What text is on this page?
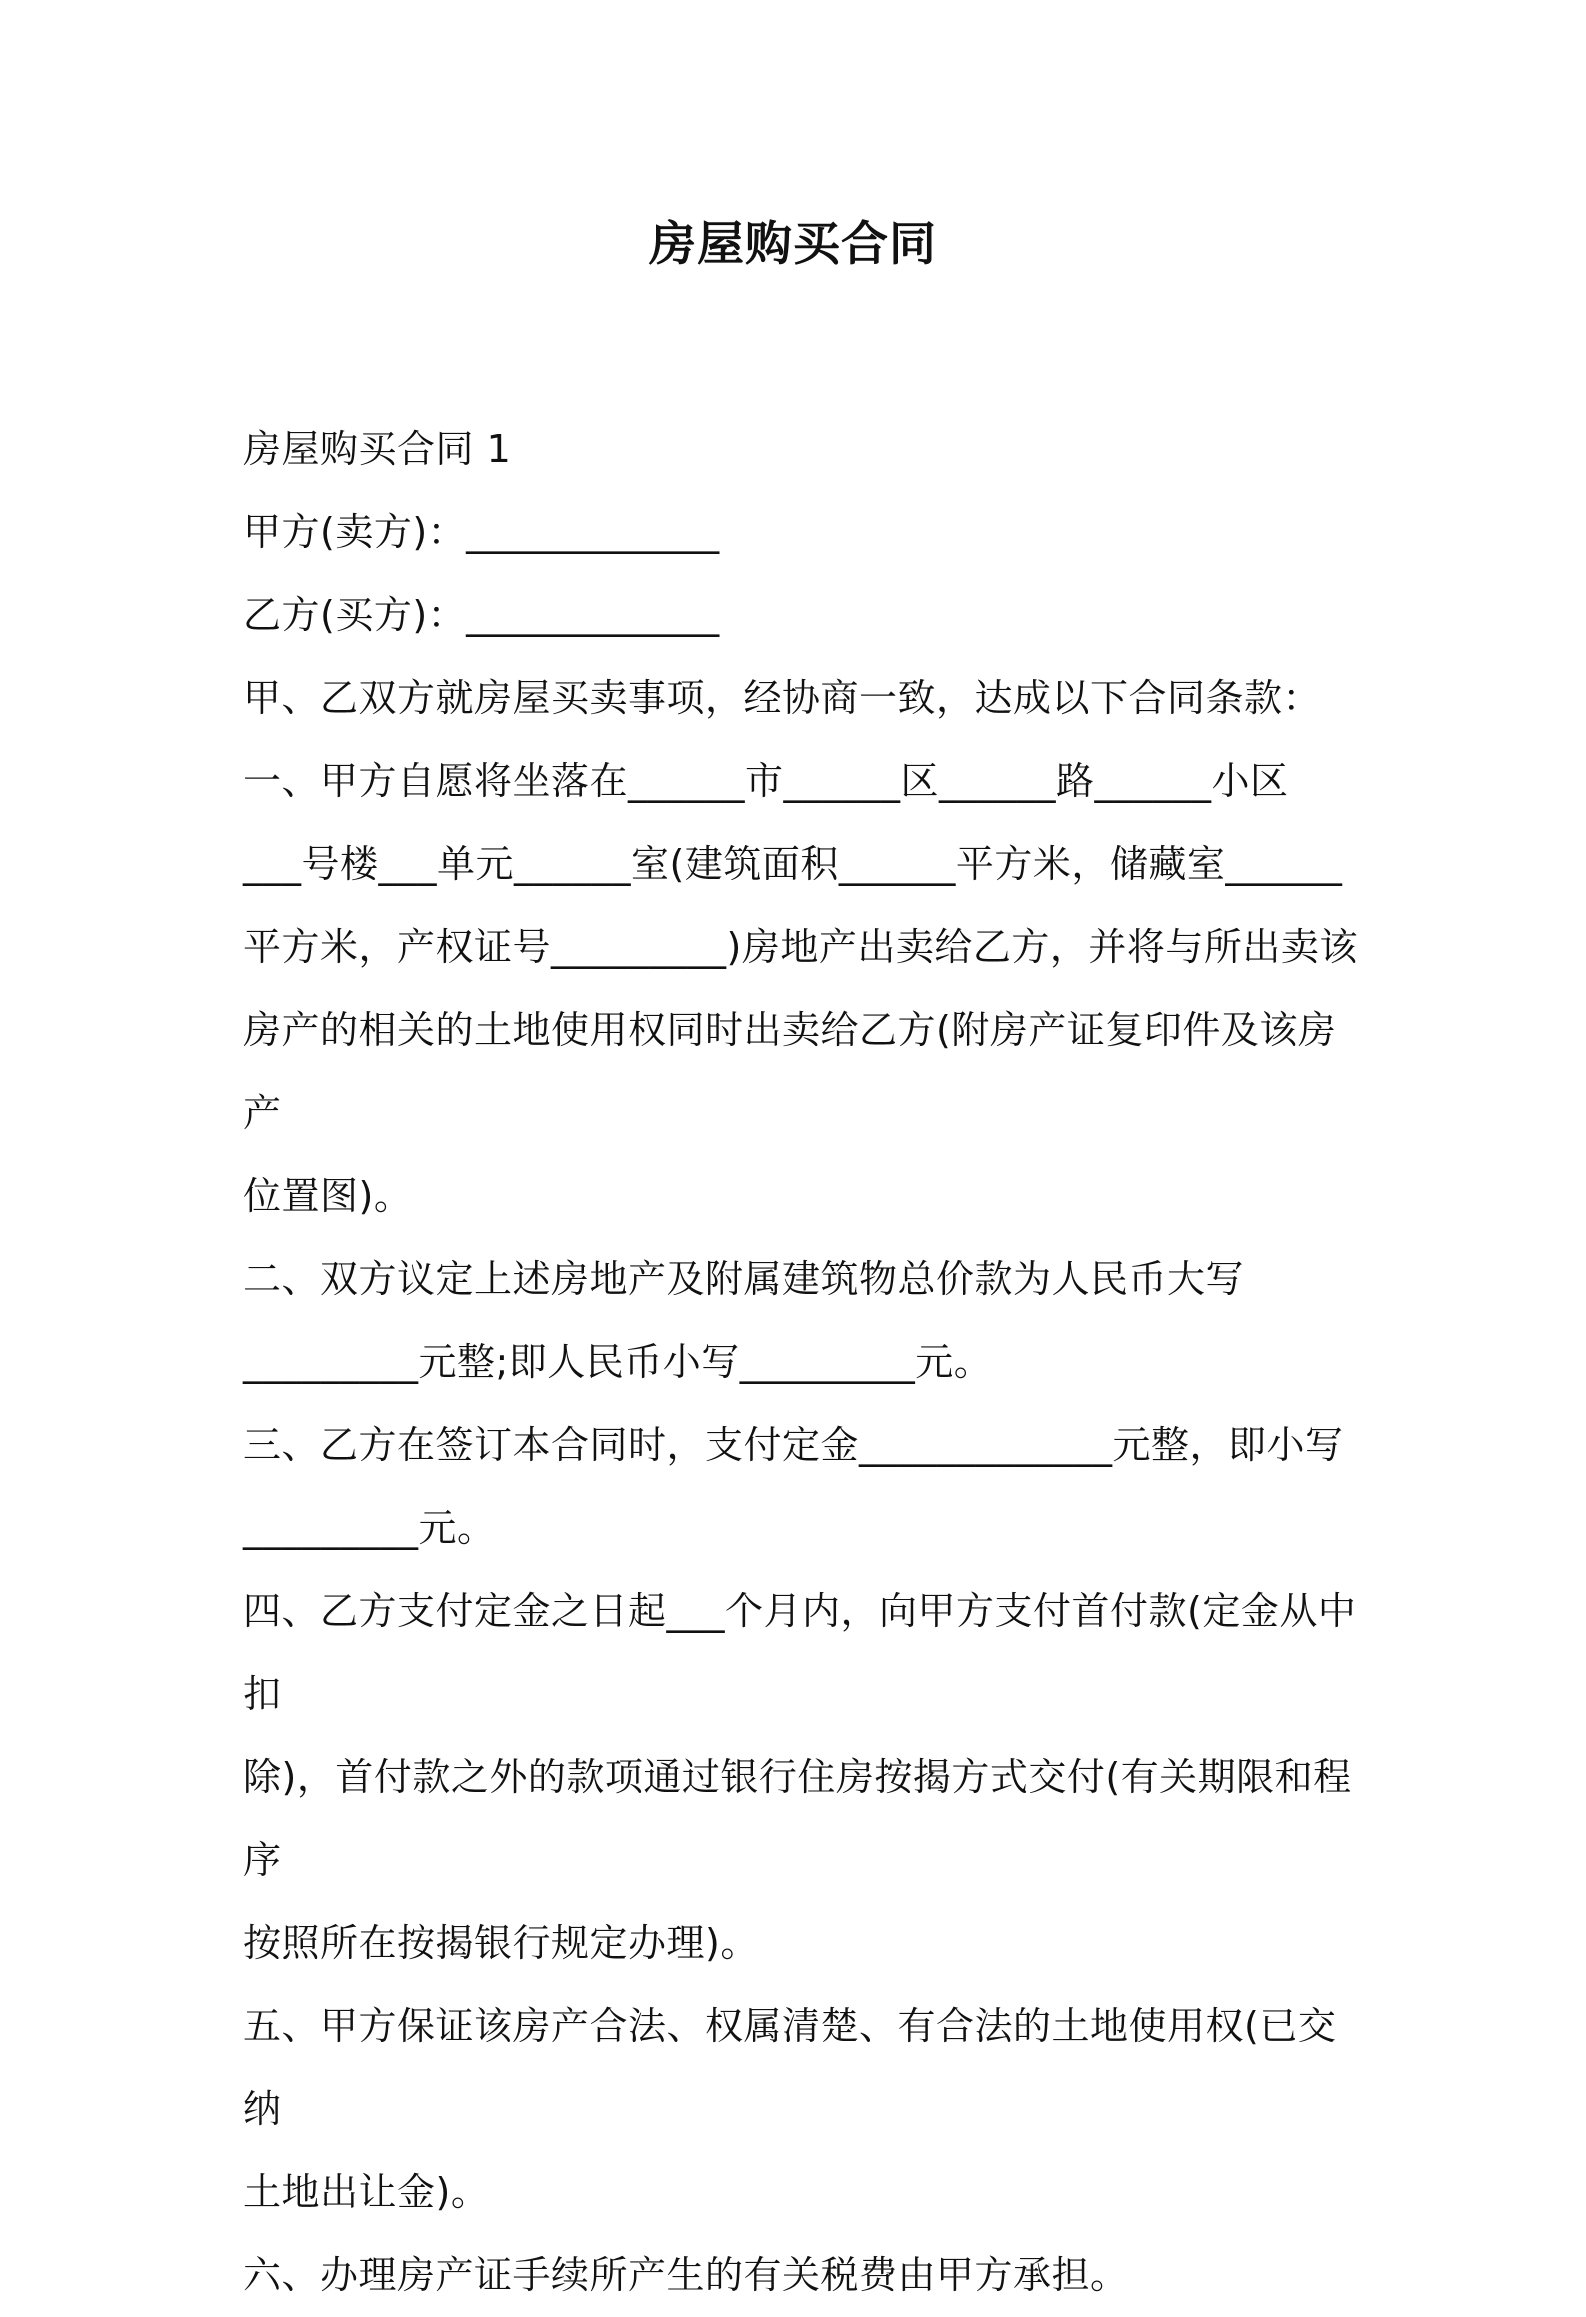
房屋购买合同

房屋购买合同 1

甲方(卖方)：_____________

乙方(买方)：_____________

甲、乙双方就房屋买卖事项，经协商一致，达成以下合同条款：

一、甲方自愿将坐落在______市______区______路______小区

___号楼___单元______室(建筑面积______平方米，储藏室______

平方米，产权证号_________)房地产出卖给乙方，并将与所出卖该

房产的相关的土地使用权同时出卖给乙方(附房产证复印件及该房产

位置图)。

二、双方议定上述房地产及附属建筑物总价款为人民币大写

_________元整;即人民币小写_________元。

三、乙方在签订本合同时，支付定金_____________元整，即小写

_________元。

四、乙方支付定金之日起___个月内，向甲方支付首付款(定金从中扣

除)，首付款之外的款项通过银行住房按揭方式交付(有关期限和程序

按照所在按揭银行规定办理)。

五、甲方保证该房产合法、权属清楚、有合法的土地使用权(已交纳

土地出让金)。

六、办理房产证手续所产生的有关税费由甲方承担。
